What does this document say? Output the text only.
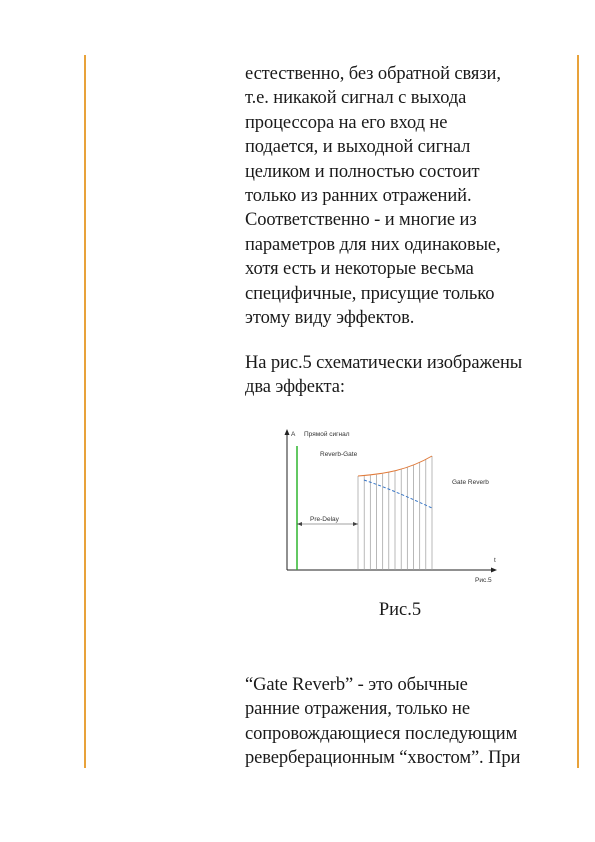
естественно, без обратной связи,
т.е. никакой сигнал с выхода
процессора на его вход не
подается, и выходной сигнал
целиком и полностью состоит
только из ранних отражений.
Соответственно - и многие из
параметров для них одинаковые,
хотя есть и некоторые весьма
специфичные, присущие только
этому виду эффектов.
На рис.5 схематически изображены
два эффекта:
A
t
Прямой сигнал
Reverb-Gate
Gate Reverb
Pre-Delay
Рис.5
Рис.5
“Gate Reverb” - это обычные
ранние отражения, только не
сопровождающиеся последующим
реверберационным “хвостом”. При
